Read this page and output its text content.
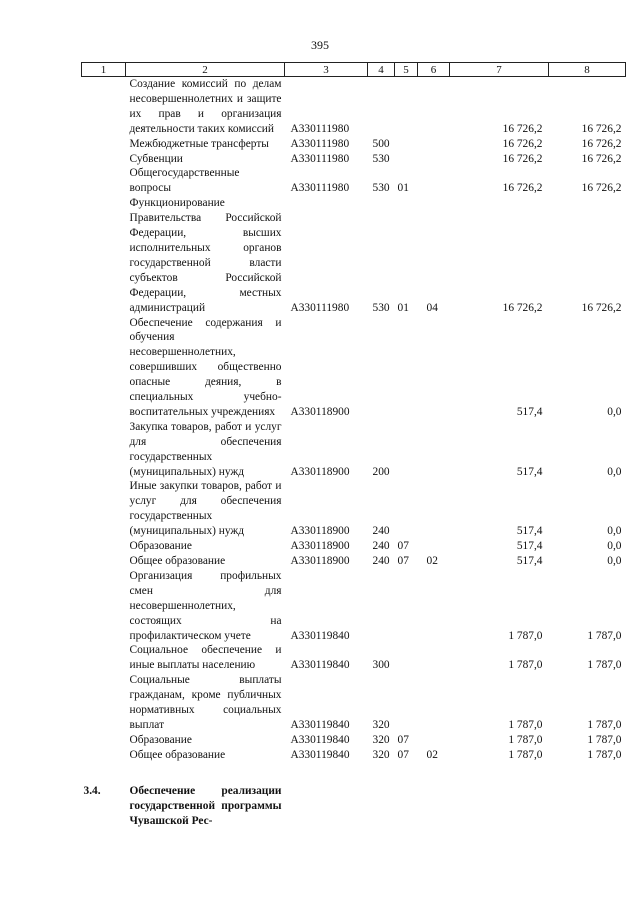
395
1	2	3	4	5	6	7	8
	Создание комиссий по делам несовершеннолетних и защите их прав и организация деятельности таких комиссий	А330111980				16 726,2	16 726,2
	Межбюджетные трансферты	А330111980	500			16 726,2	16 726,2
	Субвенции	А330111980	530			16 726,2	16 726,2
	Общегосударственные вопросы	А330111980	530	01		16 726,2	16 726,2
	Функционирование Правительства Российской Федерации, высших исполнительных органов государственной власти субъектов Российской Федерации, местных администраций	А330111980	530	01	04	16 726,2	16 726,2
	Обеспечение содержания и обучения несовершеннолетних, совершивших общественно опасные деяния, в специальных учебно-воспитательных учреждениях	А330118900				517,4	0,0
	Закупка товаров, работ и услуг для обеспечения государственных (муниципальных) нужд	А330118900	200			517,4	0,0
	Иные закупки товаров, работ и услуг для обеспечения государственных (муниципальных) нужд	А330118900	240			517,4	0,0
	Образование	А330118900	240	07		517,4	0,0
	Общее образование	А330118900	240	07	02	517,4	0,0
	Организация профильных смен для несовершеннолетних, состоящих на профилактическом учете	А330119840				1 787,0	1 787,0
	Социальное обеспечение и иные выплаты населению	А330119840	300			1 787,0	1 787,0
	Социальные выплаты гражданам, кроме публичных нормативных социальных выплат	А330119840	320			1 787,0	1 787,0
	Образование	А330119840	320	07		1 787,0	1 787,0
	Общее образование	А330119840	320	07	02	1 787,0	1 787,0

3.4.	Обеспечение реализации государственной программы Чувашской Рес-						
